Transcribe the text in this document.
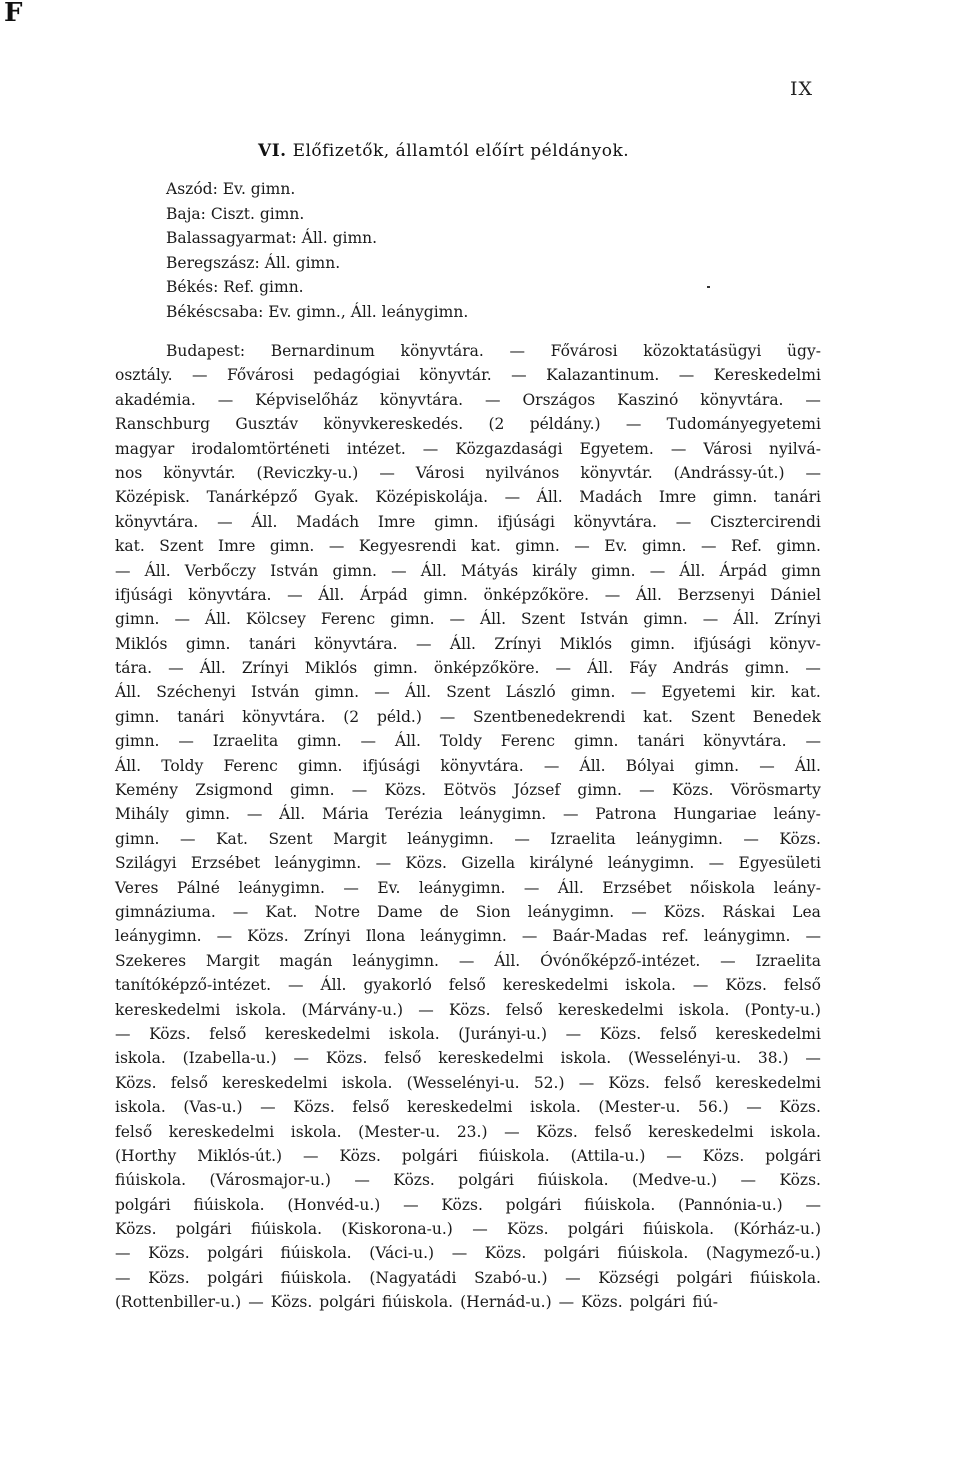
F
IX
VI. Előfizetők, államtól előírt példányok.
Aszód: Ev. gimn.
Baja: Ciszt. gimn.
Balassagyarmat: Áll. gimn.
Beregszász: Áll. gimn.
Békés: Ref. gimn.
Békéscsaba: Ev. gimn., Áll. leánygimn.
Budapest: Bernardinum könyvtára. — Fővárosi közoktatásügyi ügy-
osztály. — Fővárosi pedagógiai könyvtár. — Kalazantinum. — Kereskedelmi
akadémia. — Képviselőház könyvtára. — Országos Kaszinó könyvtára. —
Ranschburg Gusztáv könyvkereskedés. (2 példány.) — Tudományegyetemi
magyar irodalomtörténeti intézet. — Közgazdasági Egyetem. — Városi nyilvá-
nos könyvtár. (Reviczky-u.) — Városi nyilvános könyvtár. (Andrássy-út.) —
Középisk. Tanárképző Gyak. Középiskolája. — Áll. Madách Imre gimn. tanári
könyvtára. — Áll. Madách Imre gimn. ifjúsági könyvtára. — Cisztercirendi
kat. Szent Imre gimn. — Kegyesrendi kat. gimn. — Ev. gimn. — Ref. gimn.
— Áll. Verbőczy István gimn. — Áll. Mátyás király gimn. — Áll. Árpád gimn
ifjúsági könyvtára. — Áll. Árpád gimn. önképzőköre. — Áll. Berzsenyi Dániel
gimn. — Áll. Kölcsey Ferenc gimn. — Áll. Szent István gimn. — Áll. Zrínyi
Miklós gimn. tanári könyvtára. — Áll. Zrínyi Miklós gimn. ifjúsági könyv-
tára. — Áll. Zrínyi Miklós gimn. önképzőköre. — Áll. Fáy András gimn. —
Áll. Széchenyi István gimn. — Áll. Szent László gimn. — Egyetemi kir. kat.
gimn. tanári könyvtára. (2 péld.) — Szentbenedekrendi kat. Szent Benedek
gimn. — Izraelita gimn. — Áll. Toldy Ferenc gimn. tanári könyvtára. —
Áll. Toldy Ferenc gimn. ifjúsági könyvtára. — Áll. Bólyai gimn. — Áll.
Kemény Zsigmond gimn. — Közs. Eötvös József gimn. — Közs. Vörösmarty
Mihály gimn. — Áll. Mária Terézia leánygimn. — Patrona Hungariae leány-
gimn. — Kat. Szent Margit leánygimn. — Izraelita leánygimn. — Közs.
Szilágyi Erzsébet leánygimn. — Közs. Gizella királyné leánygimn. — Egyesületi
Veres Pálné leánygimn. — Ev. leánygimn. — Áll. Erzsébet nőiskola leány-
gimnáziuma. — Kat. Notre Dame de Sion leánygimn. — Közs. Ráskai Lea
leánygimn. — Közs. Zrínyi Ilona leánygimn. — Baár-Madas ref. leánygimn. —
Szekeres Margit magán leánygimn. — Áll. Óvónőképző-intézet. — Izraelita
tanítóképző-intézet. — Áll. gyakorló felső kereskedelmi iskola. — Közs. felső
kereskedelmi iskola. (Márvány-u.) — Közs. felső kereskedelmi iskola. (Ponty-u.)
— Közs. felső kereskedelmi iskola. (Jurányi-u.) — Közs. felső kereskedelmi
iskola. (Izabella-u.) — Közs. felső kereskedelmi iskola. (Wesselényi-u. 38.) —
Közs. felső kereskedelmi iskola. (Wesselényi-u. 52.) — Közs. felső kereskedelmi
iskola. (Vas-u.) — Közs. felső kereskedelmi iskola. (Mester-u. 56.) — Közs.
felső kereskedelmi iskola. (Mester-u. 23.) — Közs. felső kereskedelmi iskola.
(Horthy Miklós-út.) — Közs. polgári fiúiskola. (Attila-u.) — Közs. polgári
fiúiskola. (Városmajor-u.) — Közs. polgári fiúiskola. (Medve-u.) — Közs.
polgári fiúiskola. (Honvéd-u.) — Közs. polgári fiúiskola. (Pannónia-u.) —
Közs. polgári fiúiskola. (Kiskorona-u.) — Közs. polgári fiúiskola. (Kórház-u.)
— Közs. polgári fiúiskola. (Váci-u.) — Közs. polgári fiúiskola. (Nagymező-u.)
— Közs. polgári fiúiskola. (Nagyatádi Szabó-u.) — Községi polgári fiúiskola.
(Rottenbiller-u.) — Közs. polgári fiúiskola. (Hernád-u.) — Közs. polgári fiú-
